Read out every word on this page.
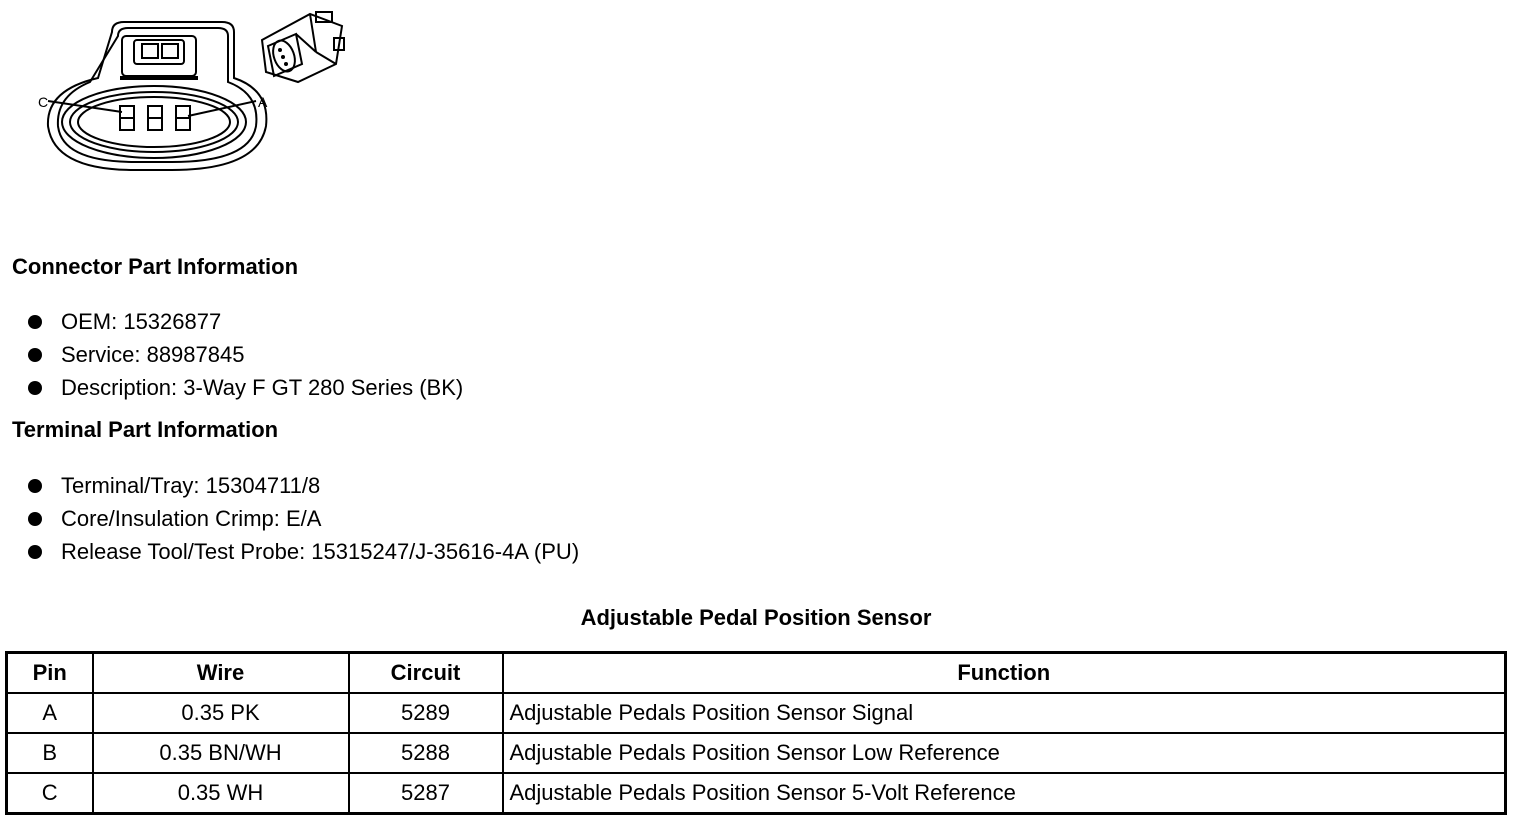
C	A
Connector Part Information
OEM: 15326877
Service: 88987845
Description: 3-Way F GT 280 Series (BK)
Terminal Part Information
Terminal/Tray: 15304711/8
Core/Insulation Crimp: E/A
Release Tool/Test Probe: 15315247/J-35616-4A (PU)
Adjustable Pedal Position Sensor
Pin	Wire	Circuit	Function
A	0.35 PK	5289	Adjustable Pedals Position Sensor Signal
B	0.35 BN/WH	5288	Adjustable Pedals Position Sensor Low Reference
C	0.35 WH	5287	Adjustable Pedals Position Sensor 5-Volt Reference
